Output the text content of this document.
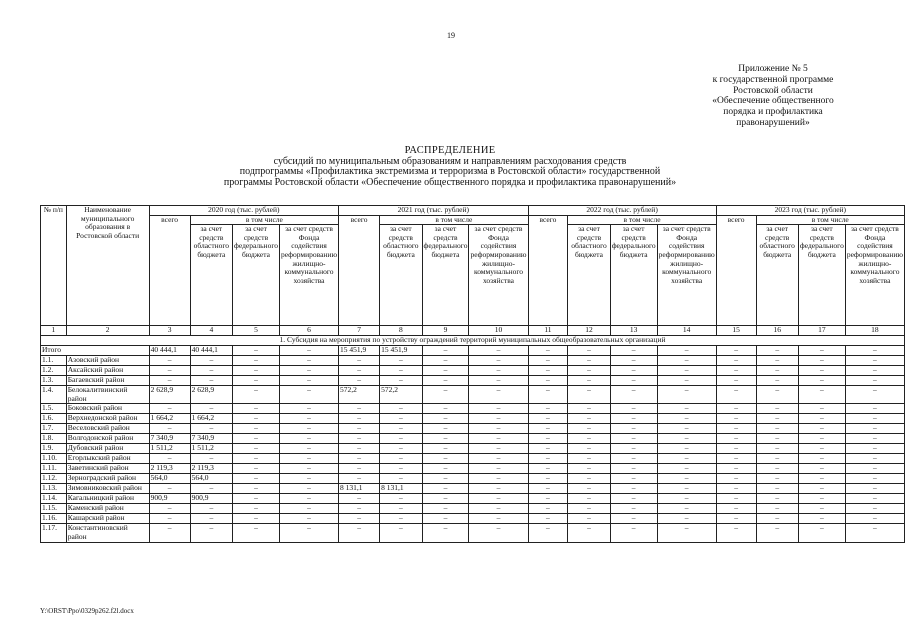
19
Приложение № 5
к государственной программе
Ростовской области
«Обеспечение общественного
порядка и профилактика
правонарушений»
РАСПРЕДЕЛЕНИЕ
субсидий по муниципальным образованиям и направлениям расходования средств
подпрограммы «Профилактика экстремизма и терроризма в Ростовской области» государственной
программы Ростовской области «Обеспечение общественного порядка и профилактика правонарушений»
№ п/п	Наименование муниципального образования в Ростовской области	2020 год (тыс. рублей)				2021 год (тыс. рублей)				2022 год (тыс. рублей)				2023 год (тыс. рублей)			
		всего	в том числе			всего	в том числе			всего	в том числе			всего	в том числе		
			за счет средств областного бюджета	за счет средств федерального бюджета	за счет средств Фонда содействия реформированию жилищно-коммунального хозяйства		за счет средств областного бюджета	за счет средств федерального бюджета	за счет средств Фонда содействия реформированию жилищно-коммунального хозяйства		за счет средств областного бюджета	за счет средств федерального бюджета	за счет средств Фонда содействия реформированию жилищно-коммунального хозяйства		за счет средств областного бюджета	за счет средств федерального бюджета	за счет средств Фонда содействия реформированию жилищно-коммунального хозяйства
1	2	3	4	5	6	7	8	9	10	11	12	13	14	15	16	17	18
1. Субсидия на мероприятия по устройству ограждений территорий муниципальных общеобразовательных организаций																	
Итого		40 444,1	40 444,1	–	–	15 451,9	15 451,9	–	–	–	–	–	–	–	–	–	–
1.1.	Азовский район	–	–	–	–	–	–	–	–	–	–	–	–	–	–	–	–
1.2.	Аксайский район	–	–	–	–	–	–	–	–	–	–	–	–	–	–	–	–
1.3.	Багаевский район	–	–	–	–	–	–	–	–	–	–	–	–	–	–	–	–
1.4.	Белокалитвинский район	2 628,9	2 628,9	–	–	572,2	572,2	–	–	–	–	–	–	–	–	–	–
1.5.	Боковский район	–	–	–	–	–	–	–	–	–	–	–	–	–	–	–	–
1.6.	Верхнедонской район	1 664,2	1 664,2	–	–	–	–	–	–	–	–	–	–	–	–	–	–
1.7.	Веселовский район	–	–	–	–	–	–	–	–	–	–	–	–	–	–	–	–
1.8.	Волгодонской район	7 340,9	7 340,9	–	–	–	–	–	–	–	–	–	–	–	–	–	–
1.9.	Дубовский район	1 511,2	1 511,2	–	–	–	–	–	–	–	–	–	–	–	–	–	–
1.10.	Егорлыкский район	–	–	–	–	–	–	–	–	–	–	–	–	–	–	–	–
1.11.	Заветинский район	2 119,3	2 119,3	–	–	–	–	–	–	–	–	–	–	–	–	–	–
1.12.	Зерноградский район	564,0	564,0	–	–	–	–	–	–	–	–	–	–	–	–	–	–
1.13.	Зимовниковский район	–	–	–	–	8 131,1	8 131,1	–	–	–	–	–	–	–	–	–	–
1.14.	Кагальницкий район	900,9	900,9	–	–	–	–	–	–	–	–	–	–	–	–	–	–
1.15.	Каменский район	–	–	–	–	–	–	–	–	–	–	–	–	–	–	–	–
1.16.	Кашарский район	–	–	–	–	–	–	–	–	–	–	–	–	–	–	–	–
1.17.	Константиновский район	–	–	–	–	–	–	–	–	–	–	–	–	–	–	–	–
Y:\ORST\Ppo\0329p262.f2l.docx
